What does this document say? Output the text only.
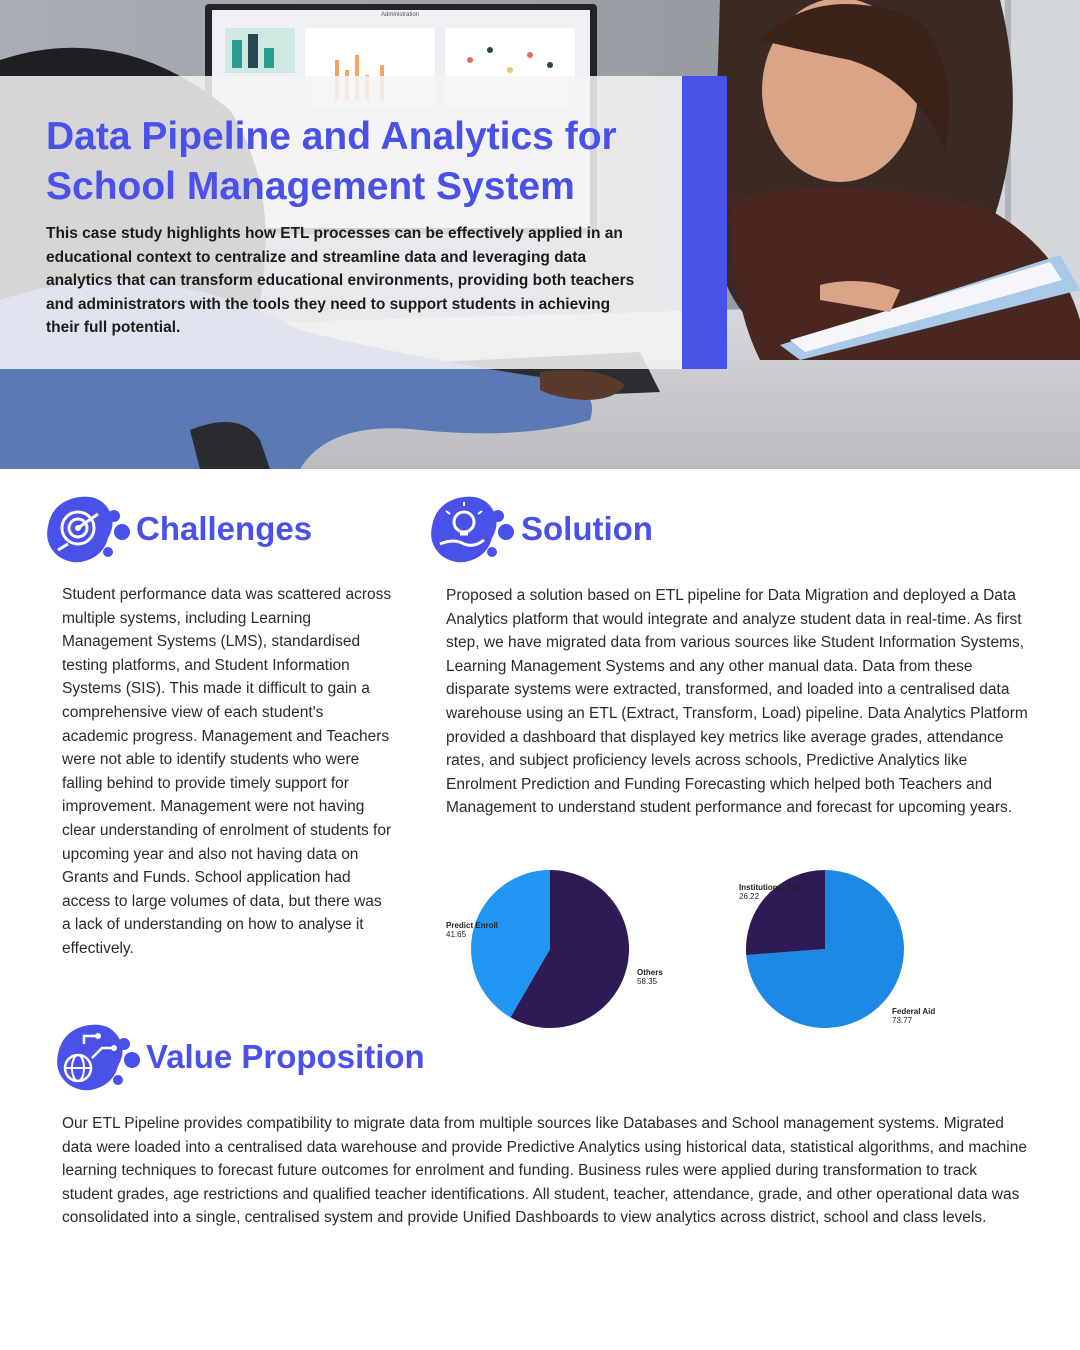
Administration
Data Pipeline and Analytics for
School Management System

This case study highlights how ETL processes can be effectively applied in an educational context to centralize and streamline data and leveraging data analytics that can transform educational environments, providing both teachers and administrators with the tools they need to support students in achieving their full potential.

Challenges

Student performance data was scattered across multiple systems, including Learning Management Systems (LMS), standardised testing platforms, and Student Information Systems (SIS). This made it difficult to gain a comprehensive view of each student's academic progress. Management and Teachers were not able to identify students who were falling behind to provide timely support for improvement. Management were not having clear understanding of enrolment of students for upcoming year and also not having data on Grants and Funds. School application had access to large volumes of data, but there was a lack of understanding on how to analyse it effectively.

Solution

Proposed a solution based on ETL pipeline for Data Migration and deployed a Data Analytics platform that would integrate and analyze student data in real-time. As first step, we have migrated data from various sources like Student Information Systems, Learning Management Systems and any other manual data. Data from these disparate systems were extracted, transformed, and loaded into a centralised data warehouse using an ETL (Extract, Transform, Load) pipeline. Data Analytics Platform provided a dashboard that displayed key metrics like average grades, attendance rates, and subject proficiency levels across schools, Predictive Analytics like Enrolment Prediction and Funding Forecasting which helped both Teachers and Management to understand student performance and forecast for upcoming years.

Predict Enroll
41.65
Others
58.35
Institutional Aid
26.22
Federal Aid
73.77
Value Proposition

Our ETL Pipeline provides compatibility to migrate data from multiple sources like Databases and School management systems. Migrated data were loaded into a centralised data warehouse and provide Predictive Analytics using historical data, statistical algorithms, and machine learning techniques to forecast future outcomes for enrolment and funding. Business rules were applied during transformation to track student grades, age restrictions and qualified teacher identifications. All student, teacher, attendance, grade, and other operational data was consolidated into a single, centralised system and provide Unified Dashboards to view analytics across district, school and class levels.
